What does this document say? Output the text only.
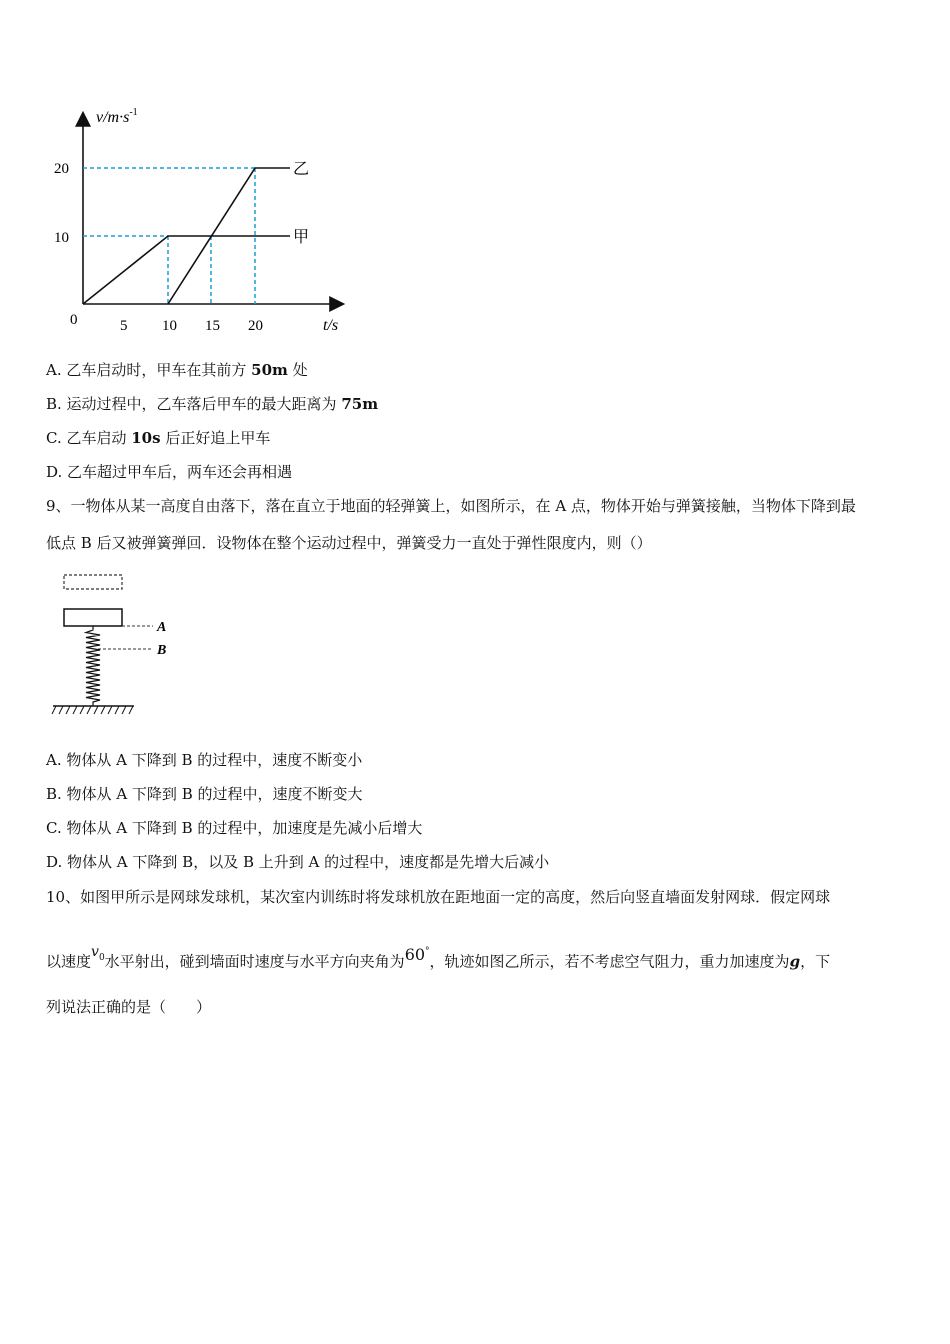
$v/m\cdot s^{-1}$
t/s
0
20
10
5 10 15 20
乙
甲
A. 乙车启动时，甲车在其前方 50m 处
B. 运动过程中，乙车落后甲车的最大距离为 75m
C. 乙车启动 10s 后正好追上甲车
D. 乙车超过甲车后，两车还会再相遇
9、一物体从某一高度自由落下，落在直立于地面的轻弹簧上，如图所示，在 A 点，物体开始与弹簧接触，当物体下降到最
低点 B 后又被弹簧弹回．设物体在整个运动过程中，弹簧受力一直处于弹性限度内，则（）
A
B
A. 物体从 A 下降到 B 的过程中，速度不断变小
B. 物体从 A 下降到 B 的过程中，速度不断变大
C. 物体从 A 下降到 B 的过程中，加速度是先减小后增大
D. 物体从 A 下降到 B，以及 B 上升到 A 的过程中，速度都是先增大后减小
10、如图甲所示是网球发球机，某次室内训练时将发球机放在距地面一定的高度，然后向竖直墙面发射网球．假定网球
以速度$v_0$水平射出，碰到墙面时速度与水平方向夹角为60°，轨迹如图乙所示，若不考虑空气阻力，重力加速度为g，下
列说法正确的是（　　）
